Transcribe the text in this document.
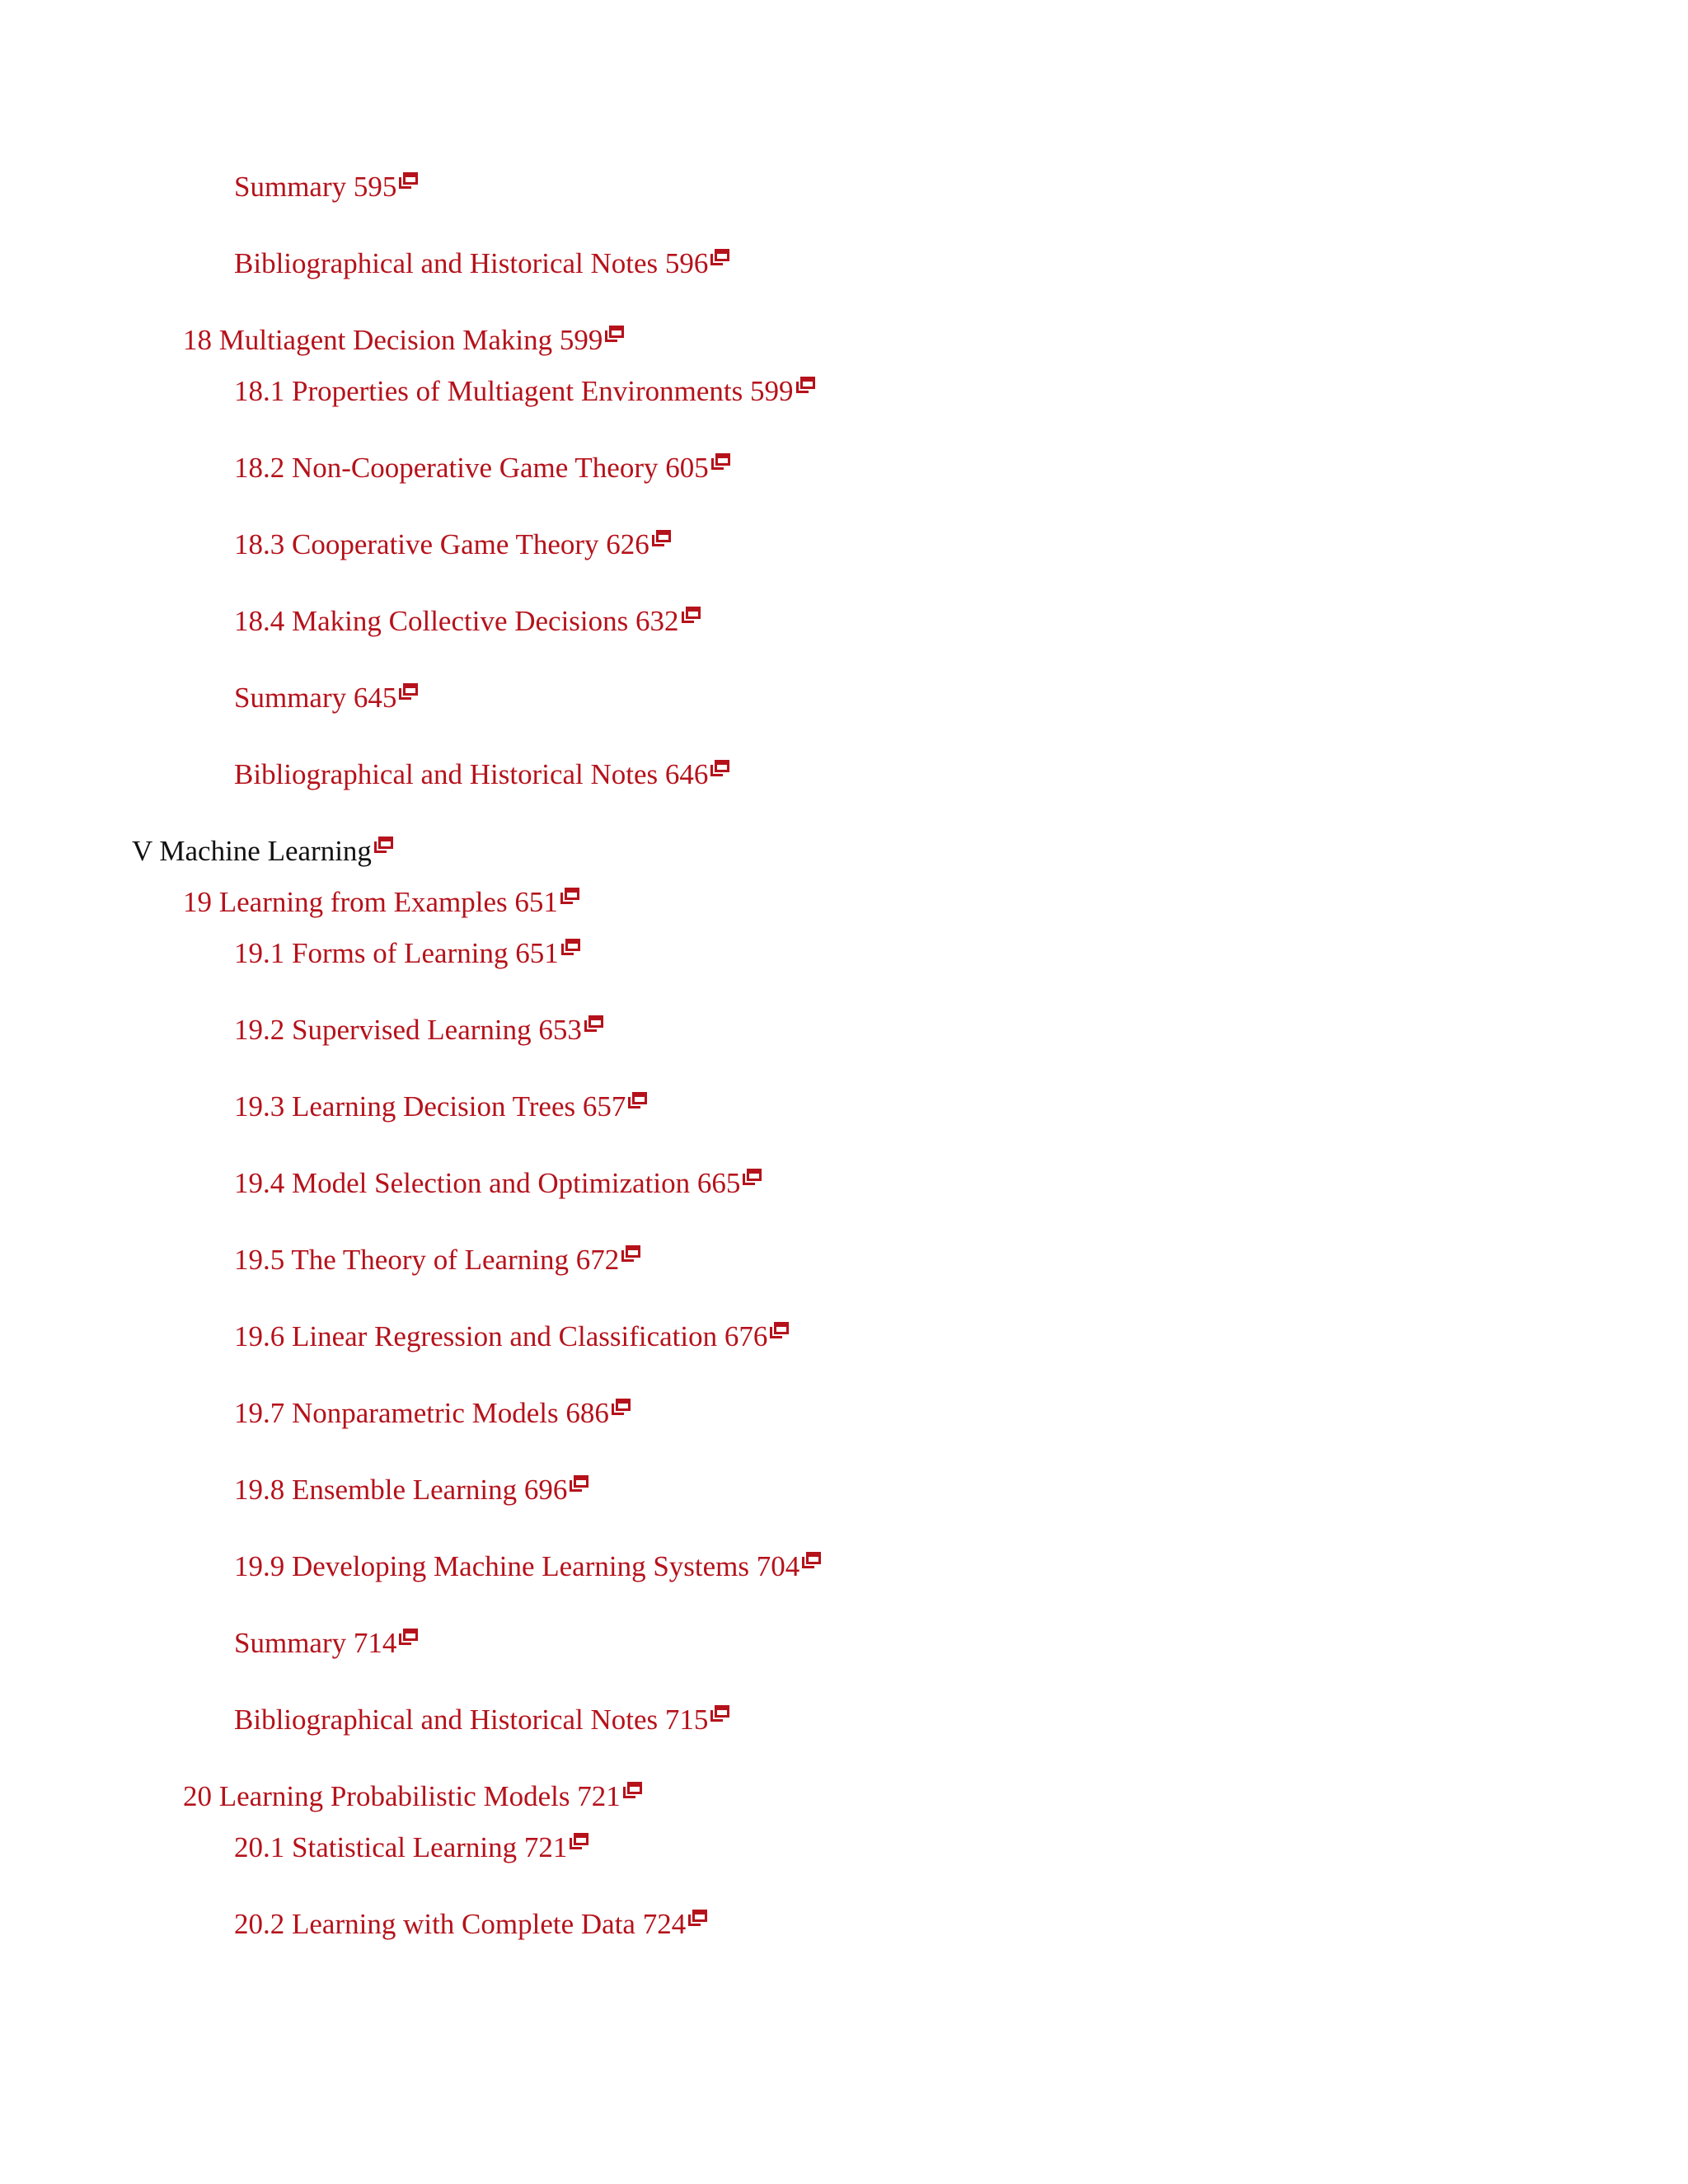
Summary 595
Bibliographical and Historical Notes 596
18 Multiagent Decision Making 599
18.1 Properties of Multiagent Environments 599
18.2 Non-Cooperative Game Theory 605
18.3 Cooperative Game Theory 626
18.4 Making Collective Decisions 632
Summary 645
Bibliographical and Historical Notes 646
V Machine Learning
19 Learning from Examples 651
19.1 Forms of Learning 651
19.2 Supervised Learning 653
19.3 Learning Decision Trees 657
19.4 Model Selection and Optimization 665
19.5 The Theory of Learning 672
19.6 Linear Regression and Classification 676
19.7 Nonparametric Models 686
19.8 Ensemble Learning 696
19.9 Developing Machine Learning Systems 704
Summary 714
Bibliographical and Historical Notes 715
20 Learning Probabilistic Models 721
20.1 Statistical Learning 721
20.2 Learning with Complete Data 724
